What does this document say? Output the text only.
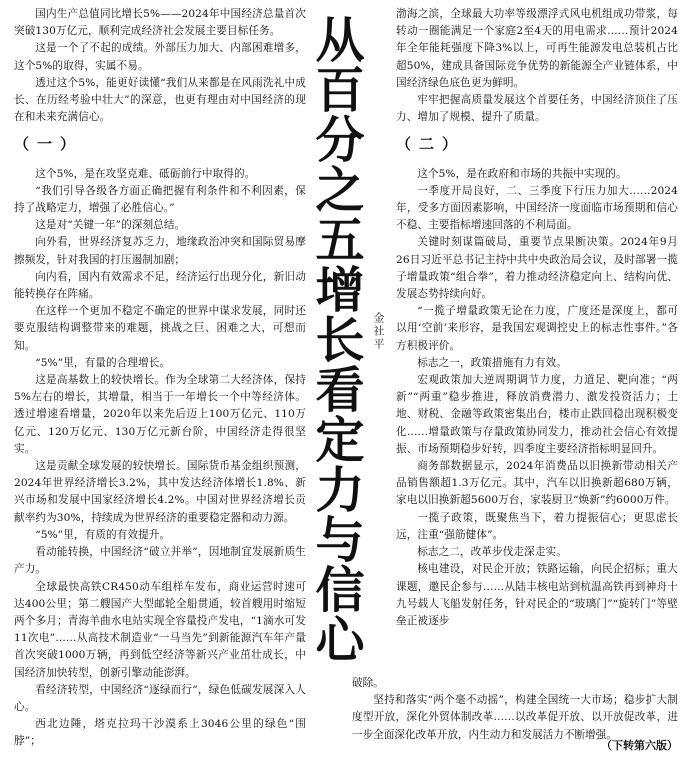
国内生产总值同比增长5%——2024年中国经济总量首次突破130万亿元，顺利完成经济社会发展主要目标任务。

这是一个了不起的成绩。外部压力加大、内部困难增多，这个5%的取得，实属不易。

透过这个5%，能更好读懂“我们从来都是在风雨洗礼中成长、在历经考验中壮大”的深意，也更有理由对中国经济的现在和未来充满信心。

（一）

这个5%，是在攻坚克难、砥砺前行中取得的。

“我们引导各级各方面正确把握有利条件和不利因素，保持了战略定力，增强了必胜信心。”

这是对“关键一年”的深刻总结。

向外看，世界经济复苏乏力，地缘政治冲突和国际贸易摩擦频发，针对我国的打压遏制加剧；

向内看，国内有效需求不足，经济运行出现分化，新旧动能转换存在阵痛。

在这样一个更加不稳定不确定的世界中谋求发展，同时还要克服结构调整带来的难题，挑战之巨、困难之大，可想而知。

“5%”里，有量的合理增长。

这是高基数上的较快增长。作为全球第二大经济体，保持5%左右的增长，其增量，相当于一年增长一个中等经济体。透过增速看增量，2020年以来先后迈上100万亿元、110万亿元、120万亿元、130万亿元新台阶，中国经济走得很坚实。

这是贡献全球发展的较快增长。国际货币基金组织预测，2024年世界经济增长3.2%，其中发达经济体增长1.8%、新兴市场和发展中国家经济增长4.2%。中国对世界经济增长贡献率约为30%，持续成为世界经济的重要稳定器和动力源。

“5%”里，有质的有效提升。

看动能转换，中国经济“破立并举”，因地制宜发展新质生产力。

全球最快高铁CR450动车组样车发布，商业运营时速可达400公里；第二艘国产大型邮轮全船贯通，较首艘用时缩短两个多月；青海羊曲水电站实现全容量投产发电，“1滴水可发11次电”……从高技术制造业“一马当先”到新能源汽车年产量首次突破1000万辆，再到低空经济等新兴产业茁壮成长，中国经济加快转型，创新引擎动能澎湃。

看经济转型，中国经济“逐绿而行”，绿色低碳发展深入人心。

西北边陲，塔克拉玛干沙漠系上3046公里的绿色“围脖”；

从百分之五增长看定力与信心 金社平

渤海之滨，全球最大功率等级漂浮式风电机组成功带浆，每转动一圈能满足一个家庭2至4天的用电需求……预计2024年全年能耗强度下降3%以上，可再生能源发电总装机占比超50%，建成具备国际竞争优势的新能源全产业链体系，中国经济绿色底色更为鲜明。

牢牢把握高质量发展这个首要任务，中国经济顶住了压力、增加了规模、提升了质量。

（二）

这个5%，是在政府和市场的共振中实现的。

一季度开局良好，二、三季度下行压力加大……2024年，受多方面因素影响，中国经济一度面临市场预期和信心不稳、主要指标增速回落的不利局面。

关键时刻谋篇破局，重要节点果断决策。2024年9月26日习近平总书记主持中共中央政治局会议，及时部署一揽子增量政策“组合拳”，着力推动经济稳定向上、结构向优、发展态势持续向好。

“一揽子增量政策无论在力度，广度还是深度上，都可以用‘空前’来形容，是我国宏观调控史上的标志性事件。”各方积极评价。

标志之一，政策措施有力有效。

宏观政策加大逆周期调节力度，力道足、靶向准；“两新”“两重”稳步推进，释放消费潜力、激发投资活力；土地、财税、金融等政策密集出台，楼市止跌回稳出现积极变化……增量政策与存量政策协同发力，推动社会信心有效提振、市场预期稳步好转，四季度主要经济指标明显回升。

商务部数据显示，2024年消费品以旧换新带动相关产品销售额超1.3万亿元。其中，汽车以旧换新超680万辆，家电以旧换新超5600万台，家装厨卫“焕新”约6000万件。

一揽子政策，既聚焦当下，着力提振信心；更思虑长远，注重“强筋健体”。

标志之二，改革步伐走深走实。

核电建设，对民企开放；铁路运输，向民企招标；重大课题，邀民企参与……从陆丰核电站到杭温高铁再到神舟十九号载人飞船发射任务，针对民企的“玻璃门”“旋转门”等壁垒正被逐步

破除。

坚持和落实“两个毫不动摇”，构建全国统一大市场；稳步扩大制度型开放，深化外贸体制改革……以改革促开放、以开放促改革，进一步全面深化改革开放，内生动力和发展活力不断增强。

（下转第六版）
